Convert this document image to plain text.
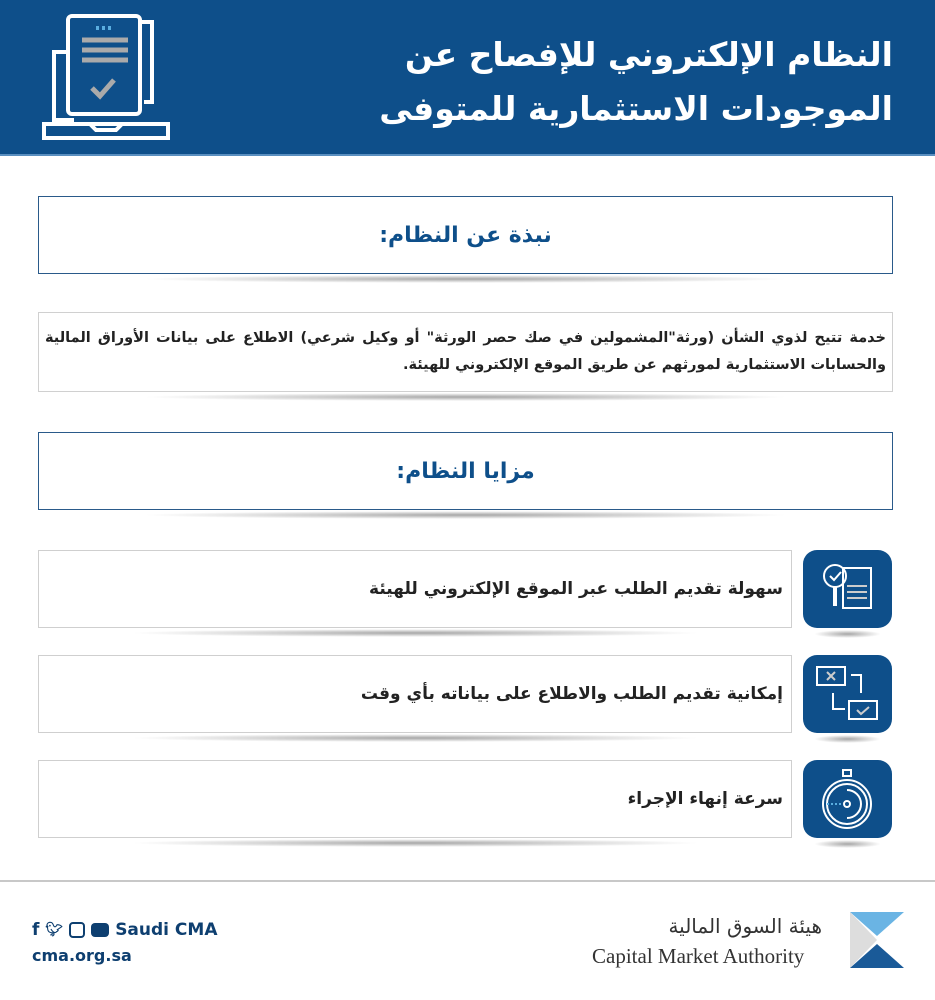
النظام الإلكتروني للإفصاح عن
الموجودات الاستثمارية للمتوفى
نبذة عن النظام:
خدمة تتيح لذوي الشأن (ورثة"المشمولين في صك حصر الورثة" أو وكيل شرعي) الاطلاع على بيانات الأوراق المالية والحسابات الاستثمارية لمورثهم عن طريق الموقع الإلكتروني للهيئة.
مزايا النظام:
سهولة تقديم الطلب عبر الموقع الإلكتروني للهيئة
إمكانية تقديم الطلب والاطلاع على بياناته بأي وقت
سرعة إنهاء الإجراء
f 🐦︎	Saudi CMA
cma.org.sa
هيئة السوق المالية
Capital Market Authority
